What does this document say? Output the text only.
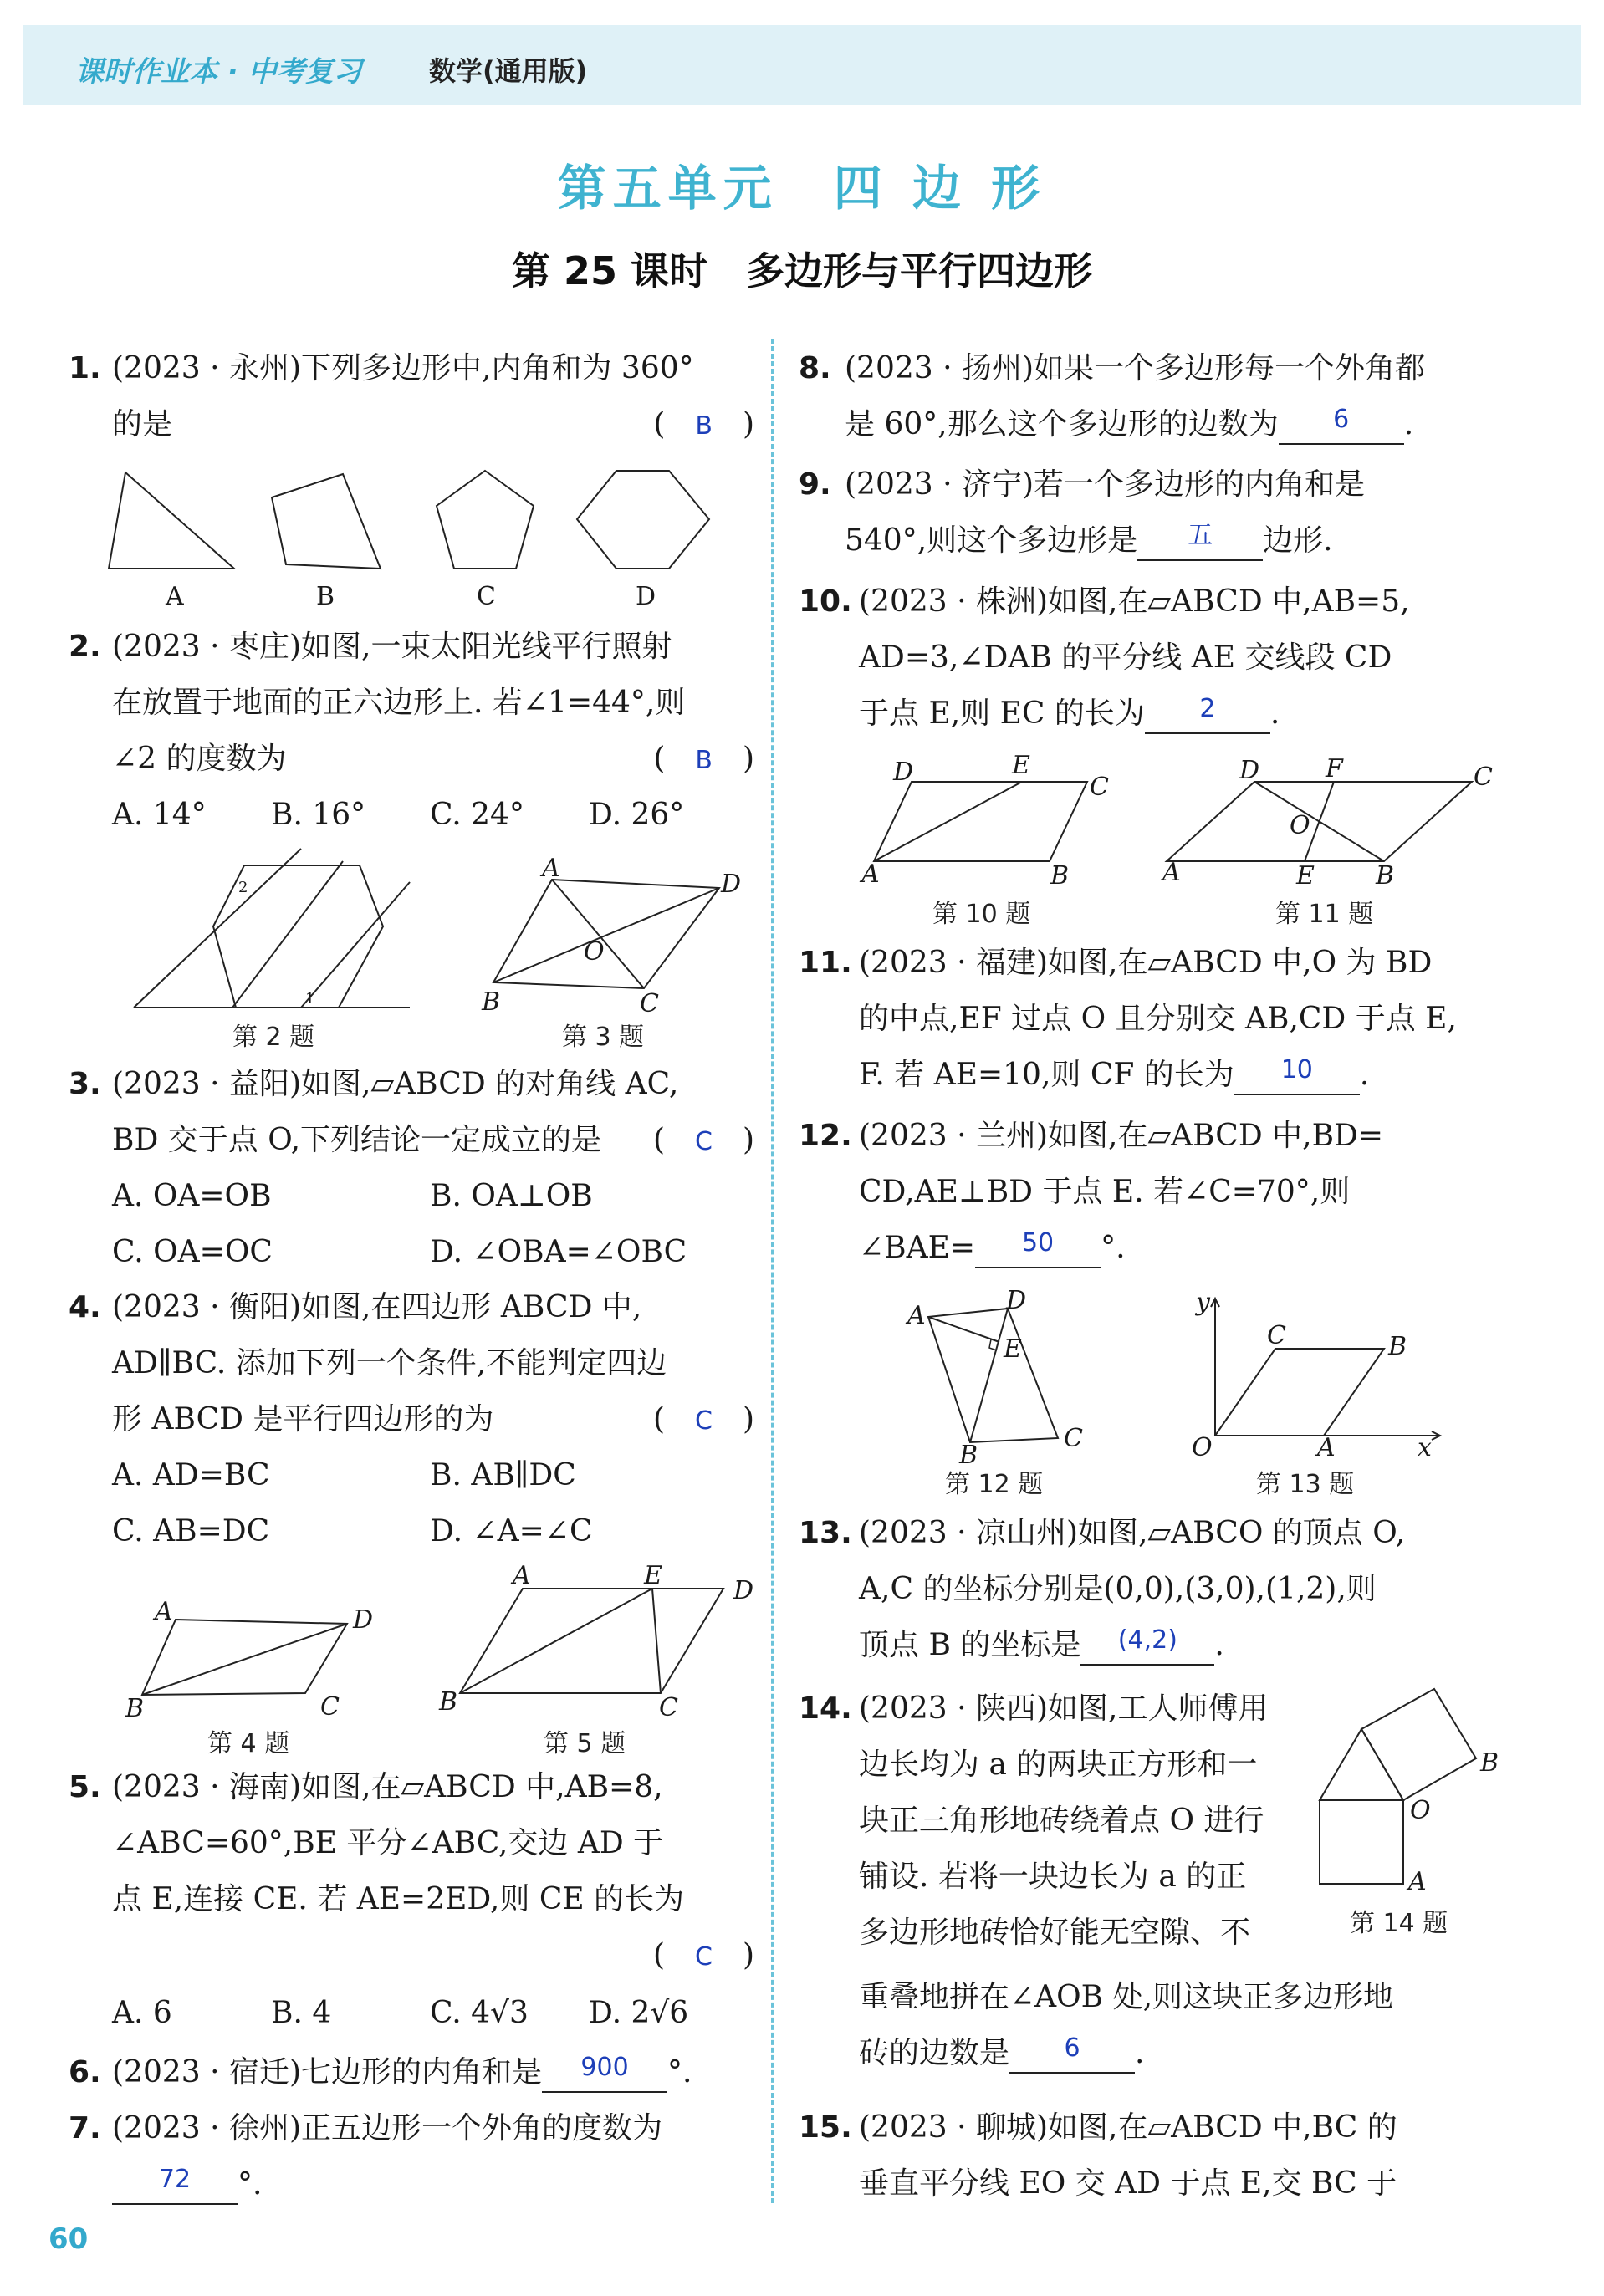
课时作业本 · 中考复习	数学(通用版)
第五单元　四 边 形
第 25 课时　多边形与平行四边形
1. (2023 · 永州)下列多边形中,内角和为 360°
的是	(　B　)
A	B	C	D
2. (2023 · 枣庄)如图,一束太阳光线平行照射
在放置于地面的正六边形上. 若∠1=44°,则
∠2 的度数为	(　B　)
A. 14°	B. 16°	C. 24°	D. 26°
2
1
第 2 题
A
D
C
B
O
第 3 题
3. (2023 · 益阳)如图,▱ABCD 的对角线 AC,
BD 交于点 O,下列结论一定成立的是 (　C　)
A. OA=OB	B. OA⊥OB
C. OA=OC	D. ∠OBA=∠OBC
4. (2023 · 衡阳)如图,在四边形 ABCD 中,
AD∥BC. 添加下列一个条件,不能判定四边
形 ABCD 是平行四边形的为	(　C　)
A. AD=BC	B. AB∥DC
C. AB=DC	D. ∠A=∠C
A	D
C
B
第 4 题
A	E
D
C
B
第 5 题
5. (2023 · 海南)如图,在▱ABCD 中,AB=8,
∠ABC=60°,BE 平分∠ABC,交边 AD 于
点 E,连接 CE. 若 AE=2ED,则 CE 的长为
(　C　)
A. 6	B. 4	C. 4√3	D. 2√6
6. (2023 · 宿迁)七边形的内角和是 $^{900}$ °.
7. (2023 · 徐州)正五边形一个外角的度数为
$^{72}$ °.
8. (2023 · 扬州)如果一个多边形每一个外角都
是 60°,那么这个多边形的边数为 $^6$ .
9. (2023 · 济宁)若一个多边形的内角和是
540°,则这个多边形是 $^五$ 边形.
10. (2023 · 株洲)如图,在▱ABCD 中,AB=5,
AD=3,∠DAB 的平分线 AE 交线段 CD
于点 E,则 EC 的长为 $^2$ .
D	E
C
B
A
第 10 题
D	F	C
B
E
A
O
第 11 题
11. (2023 · 福建)如图,在▱ABCD 中,O 为 BD
的中点,EF 过点 O 且分别交 AB,CD 于点 E,
F. 若 AE=10,则 CF 的长为 $^{10}$ .
12. (2023 · 兰州)如图,在▱ABCD 中,BD=
CD,AE⊥BD 于点 E. 若∠C=70°,则
∠BAE= $^{50}$ °.
A
D
E
C
B
第 12 题
y
C	B
O	A	x
第 13 题
13. (2023 · 凉山州)如图,▱ABCO 的顶点 O,
A,C 的坐标分别是(0,0),(3,0),(1,2),则
顶点 B 的坐标是 $^{(4,2)}$ .
14. (2023 · 陕西)如图,工人师傅用
边长均为 a 的两块正方形和一
块正三角形地砖绕着点 O 进行
铺设. 若将一块边长为 a 的正
多边形地砖恰好能无空隙、不
重叠地拼在∠AOB 处,则这块正多边形地
砖的边数是 $^6$ .
B
O
A
第 14 题
15. (2023 · 聊城)如图,在▱ABCD 中,BC 的
垂直平分线 EO 交 AD 于点 E,交 BC 于
60
